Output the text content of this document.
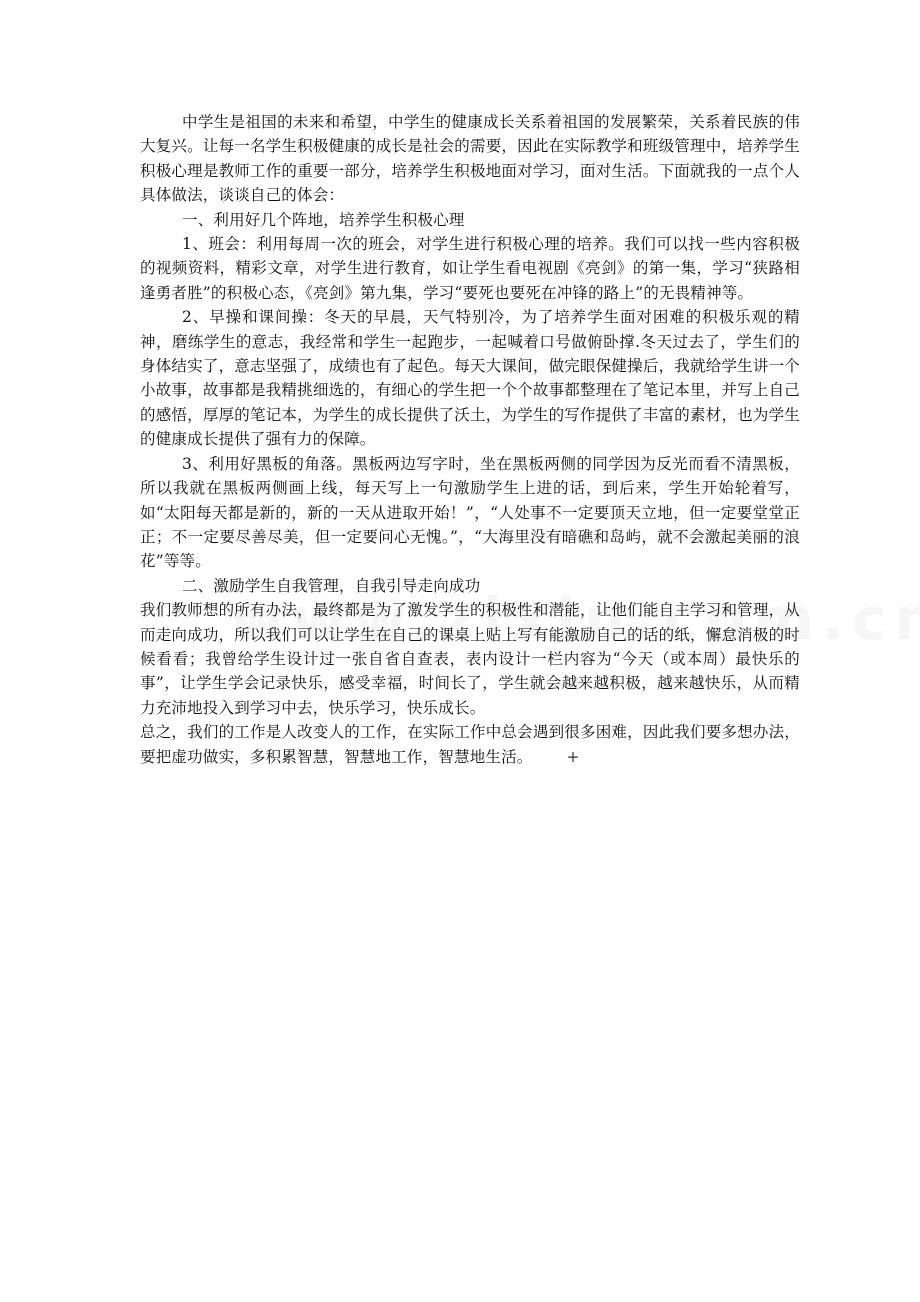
中学生是祖国的未来和希望，中学生的健康成长关系着祖国的发展繁荣，关系着民族的伟大复兴。让每一名学生积极健康的成长是社会的需要，因此在实际教学和班级管理中，培养学生积极心理是教师工作的重要一部分，培养学生积极地面对学习，面对生活。下面就我的一点个人具体做法，谈谈自己的体会：

一、利用好几个阵地，培养学生积极心理

1、班会：利用每周一次的班会，对学生进行积极心理的培养。我们可以找一些内容积极的视频资料，精彩文章，对学生进行教育，如让学生看电视剧《亮剑》的第一集，学习“狭路相逢勇者胜”的积极心态，《亮剑》第九集，学习“要死也要死在冲锋的路上”的无畏精神等。

2、早操和课间操：冬天的早晨，天气特别冷，为了培养学生面对困难的积极乐观的精神，磨练学生的意志，我经常和学生一起跑步，一起喊着口号做俯卧撑.冬天过去了，学生们的身体结实了，意志坚强了，成绩也有了起色。每天大课间，做完眼保健操后，我就给学生讲一个小故事，故事都是我精挑细选的，有细心的学生把一个个故事都整理在了笔记本里，并写上自己的感悟，厚厚的笔记本，为学生的成长提供了沃土，为学生的写作提供了丰富的素材，也为学生的健康成长提供了强有力的保障。

3、利用好黑板的角落。黑板两边写字时，坐在黑板两侧的同学因为反光而看不清黑板，所以我就在黑板两侧画上线，每天写上一句激励学生上进的话，到后来，学生开始轮着写，如“太阳每天都是新的，新的一天从进取开始！”，“人处事不一定要顶天立地，但一定要堂堂正正；不一定要尽善尽美，但一定要问心无愧。”，“大海里没有暗礁和岛屿，就不会激起美丽的浪花”等等。

二、激励学生自我管理，自我引导走向成功

我们教师想的所有办法，最终都是为了激发学生的积极性和潜能，让他们能自主学习和管理，从而走向成功，所以我们可以让学生在自己的课桌上贴上写有能激励自己的话的纸，懈怠消极的时候看看；我曾给学生设计过一张自省自查表，表内设计一栏内容为“今天（或本周）最快乐的事”，让学生学会记录快乐，感受幸福，时间长了，学生就会越来越积极，越来越快乐，从而精力充沛地投入到学习中去，快乐学习，快乐成长。

总之，我们的工作是人改变人的工作，在实际工作中总会遇到很多困难，因此我们要多想办法，要把虚功做实，多积累智慧，智慧地工作，智慧地生活。 +
